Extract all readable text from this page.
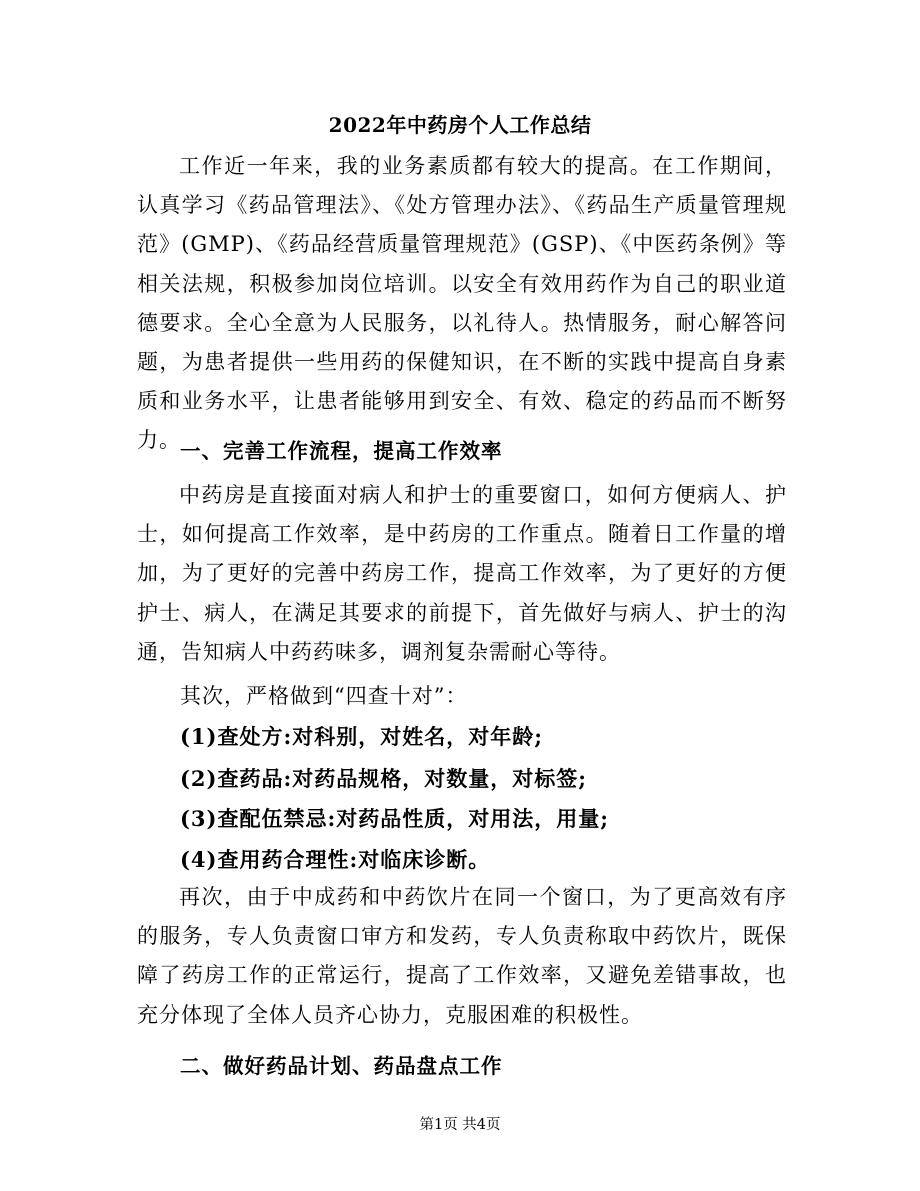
2022年中药房个人工作总结

工作近一年来，我的业务素质都有较大的提高。在工作期间，认真学习《药品管理法》、《处方管理办法》、《药品生产质量管理规范》(GMP)、《药品经营质量管理规范》(GSP)、《中医药条例》等相关法规，积极参加岗位培训。以安全有效用药作为自己的职业道德要求。全心全意为人民服务，以礼待人。热情服务，耐心解答问题，为患者提供一些用药的保健知识，在不断的实践中提高自身素质和业务水平，让患者能够用到安全、有效、稳定的药品而不断努力。 一、完善工作流程，提高工作效率

中药房是直接面对病人和护士的重要窗口，如何方便病人、护士，如何提高工作效率，是中药房的工作重点。随着日工作量的增加，为了更好的完善中药房工作，提高工作效率，为了更好的方便护士、病人，在满足其要求的前提下，首先做好与病人、护士的沟通，告知病人中药药味多，调剂复杂需耐心等待。

其次，严格做到“四查十对”：

(1)查处方:对科别，对姓名，对年龄;

(2)查药品:对药品规格，对数量，对标签;

(3)查配伍禁忌:对药品性质，对用法，用量;

(4)查用药合理性:对临床诊断。

再次，由于中成药和中药饮片在同一个窗口，为了更高效有序的服务，专人负责窗口审方和发药，专人负责称取中药饮片，既保障了药房工作的正常运行，提高了工作效率，又避免差错事故，也充分体现了全体人员齐心协力，克服困难的积极性。

二、做好药品计划、药品盘点工作

第1页 共4页
